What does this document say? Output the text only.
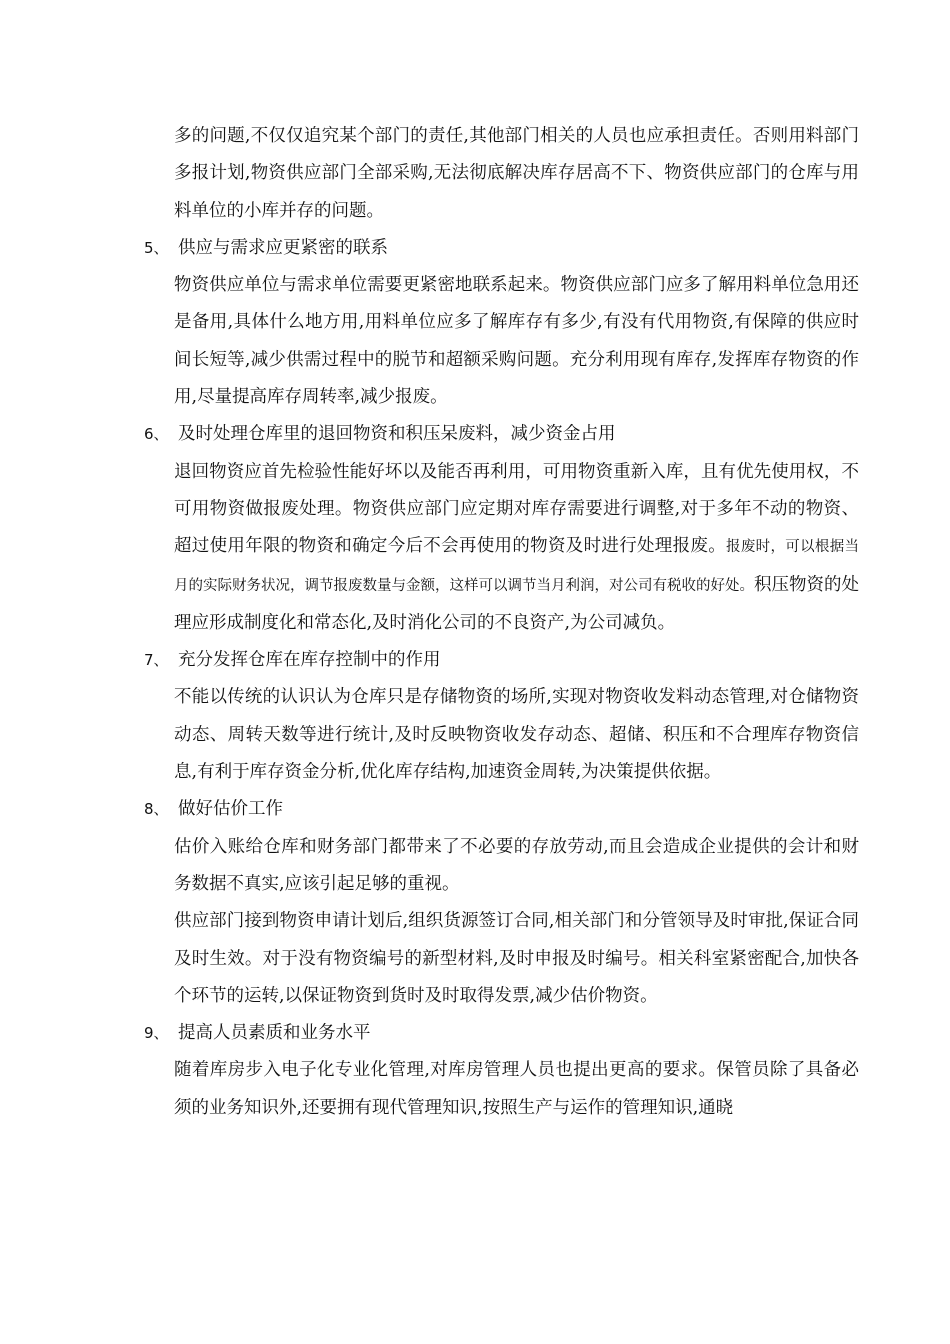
多的问题,不仅仅追究某个部门的责任,其他部门相关的人员也应承担责任。否则用料部门多报计划,物资供应部门全部采购,无法彻底解决库存居高不下、物资供应部门的仓库与用料单位的小库并存的问题。

5、 供应与需求应更紧密的联系

物资供应单位与需求单位需要更紧密地联系起来。物资供应部门应多了解用料单位急用还是备用,具体什么地方用,用料单位应多了解库存有多少,有没有代用物资,有保障的供应时间长短等,减少供需过程中的脱节和超额采购问题。充分利用现有库存,发挥库存物资的作用,尽量提高库存周转率,减少报废。

6、 及时处理仓库里的退回物资和积压呆废料，减少资金占用

退回物资应首先检验性能好坏以及能否再利用，可用物资重新入库，且有优先使用权，不可用物资做报废处理。物资供应部门应定期对库存需要进行调整,对于多年不动的物资、超过使用年限的物资和确定今后不会再使用的物资及时进行处理报废。报废时，可以根据当月的实际财务状况，调节报废数量与金额，这样可以调节当月利润，对公司有税收的好处。积压物资的处理应形成制度化和常态化,及时消化公司的不良资产,为公司减负。

7、 充分发挥仓库在库存控制中的作用

不能以传统的认识认为仓库只是存储物资的场所,实现对物资收发料动态管理,对仓储物资动态、周转天数等进行统计,及时反映物资收发存动态、超储、积压和不合理库存物资信息,有利于库存资金分析,优化库存结构,加速资金周转,为决策提供依据。

8、 做好估价工作

估价入账给仓库和财务部门都带来了不必要的存放劳动,而且会造成企业提供的会计和财务数据不真实,应该引起足够的重视。

供应部门接到物资申请计划后,组织货源签订合同,相关部门和分管领导及时审批,保证合同及时生效。对于没有物资编号的新型材料,及时申报及时编号。相关科室紧密配合,加快各个环节的运转,以保证物资到货时及时取得发票,减少估价物资。

9、 提高人员素质和业务水平

随着库房步入电子化专业化管理,对库房管理人员也提出更高的要求。保管员除了具备必须的业务知识外,还要拥有现代管理知识,按照生产与运作的管理知识,通晓
